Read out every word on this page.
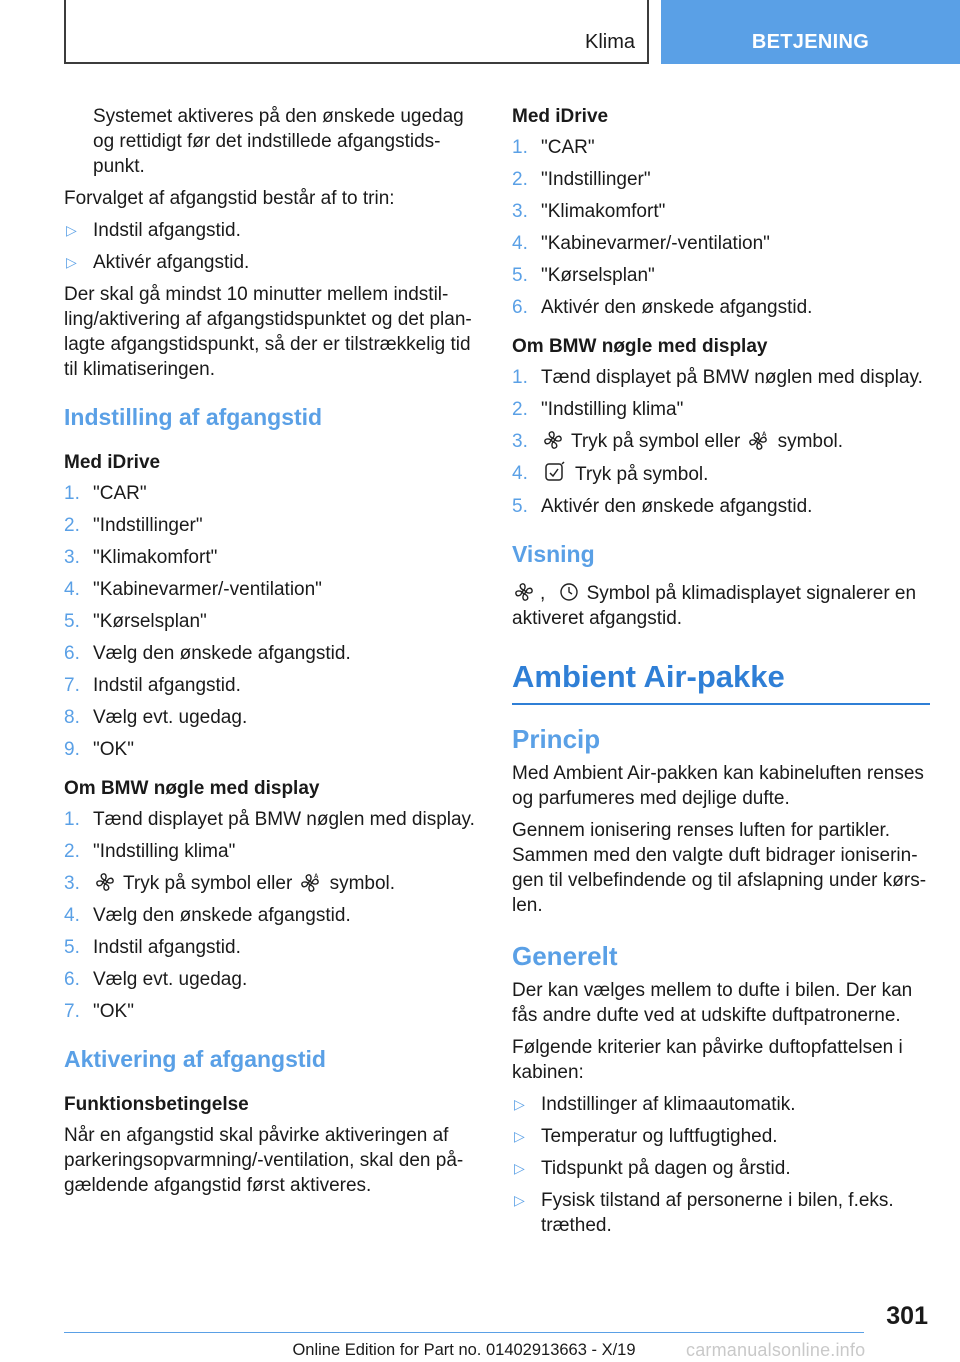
Klima	BETJENING

Systemet aktiveres på den ønskede ugedag og rettidigt før det indstillede afgangstidspunkt.

Forvalget af afgangstid består af to trin:

▷ Indstil afgangstid.
▷ Aktivér afgangstid.

Der skal gå mindst 10 minutter mellem indstilling/aktivering af afgangstidspunktet og det planlagte afgangstidspunkt, så der er tilstrækkelig tid til klimatiseringen.

Indstilling af afgangstid
Med iDrive
1. "CAR"
2. "Indstillinger"
3. "Klimakomfort"
4. "Kabinevarmer/-ventilation"
5. "Kørselsplan"
6. Vælg den ønskede afgangstid.
7. Indstil afgangstid.
8. Vælg evt. ugedag.
9. "OK"
Om BMW nøgle med display
1. Tænd displayet på BMW nøglen med display.
2. "Indstilling klima"
3. Tryk på symbol eller	A symbol.
4. Vælg den ønskede afgangstid.
5. Indstil afgangstid.
6. Vælg evt. ugedag.
7. "OK"
Aktivering af afgangstid
Funktionsbetingelse

Når en afgangstid skal påvirke aktiveringen af parkeringsopvarmning/-ventilation, skal den pågældende afgangstid først aktiveres.

Med iDrive
1. "CAR"
2. "Indstillinger"
3. "Klimakomfort"
4. "Kabinevarmer/-ventilation"
5. "Kørselsplan"
6. Aktivér den ønskede afgangstid.
Om BMW nøgle med display
1. Tænd displayet på BMW nøglen med display.
2. "Indstilling klima"
3. Tryk på symbol eller	A symbol.
4. Tryk på symbol.
5. Aktivér den ønskede afgangstid.
Visning

, Symbol på klimadisplayet signalerer en aktiveret afgangstid.

Ambient Air-pakke
Princip

Med Ambient Air-pakken kan kabineluften renses og parfumeres med dejlige dufte.

Gennem ionisering renses luften for partikler. Sammen med den valgte duft bidrager ioniseringen til velbefindende og til afslapning under kørslen.

Generelt

Der kan vælges mellem to dufte i bilen. Der kan fås andre dufte ved at udskifte duftpatronerne.

Følgende kriterier kan påvirke duftopfattelsen i kabinen:

▷ Indstillinger af klimaautomatik.
▷ Temperatur og luftfugtighed.
▷ Tidspunkt på dagen og årstid.
▷ Fysisk tilstand af personerne i bilen, f.eks. træthed.
301
Online Edition for Part no. 01402913663 - X/19	carmanualsonline.info
